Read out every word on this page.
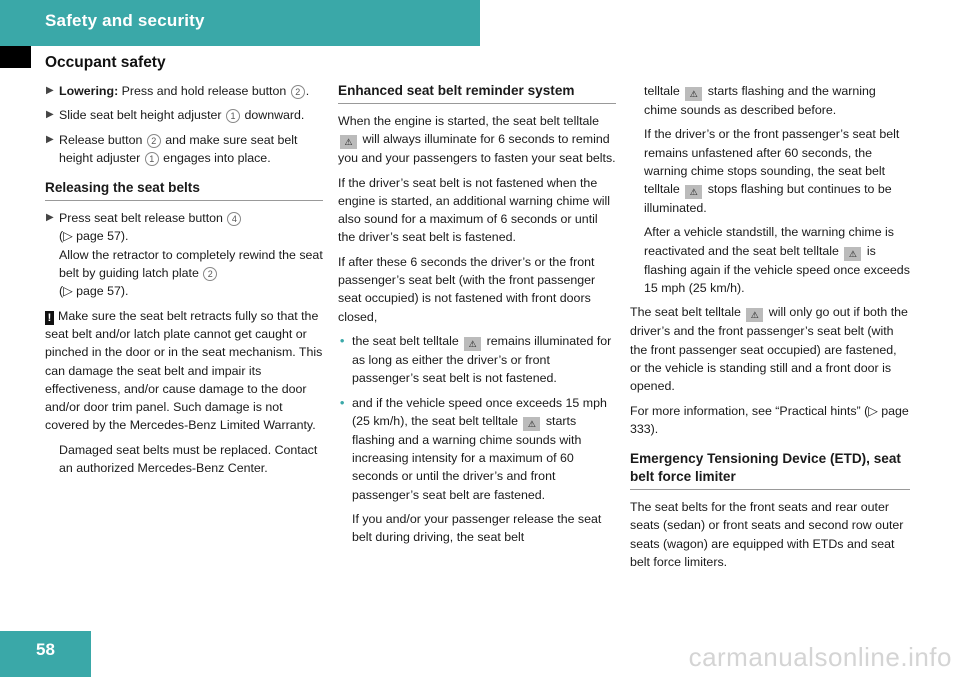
Safety and security
Occupant safety
▶ Lowering: Press and hold release button 2 .
▶ Slide seat belt height adjuster 1 downward.
▶ Release button 2 and make sure seat belt height adjuster 1 engages into place.
Releasing the seat belts
▶ Press seat belt release button 4
(▷ page 57).
Allow the retractor to completely rewind the seat belt by guiding latch plate 2
(▷ page 57).

! Make sure the seat belt retracts fully so that the seat belt and/or latch plate cannot get caught or pinched in the door or in the seat mechanism. This can damage the seat belt and impair its effectiveness, and/or cause damage to the door and/or door trim panel. Such damage is not covered by the Mercedes-Benz Limited Warranty.

Damaged seat belts must be replaced. Contact an authorized Mercedes-Benz Center.

Enhanced seat belt reminder system

When the engine is started, the seat belt telltale ⚠ will always illuminate for 6 seconds to remind you and your passengers to fasten your seat belts.

If the driver’s seat belt is not fastened when the engine is started, an additional warning chime will also sound for a maximum of 6 seconds or until the driver’s seat belt is fastened.

If after these 6 seconds the driver’s or the front passenger’s seat belt (with the front passenger seat occupied) is not fastened with front doors closed,

• the seat belt telltale ⚠ remains illuminated for as long as either the driver’s or front passenger’s seat belt is not fastened.
• and if the vehicle speed once exceeds 15 mph (25 km/h), the seat belt telltale ⚠ starts flashing and a warning chime sounds with increasing intensity for a maximum of 60 seconds or until the driver’s and front passenger’s seat belt are fastened.

If you and/or your passenger release the seat belt during driving, the seat belt

telltale ⚠ starts flashing and the warning chime sounds as described before.

If the driver’s or the front passenger’s seat belt remains unfastened after 60 seconds, the warning chime stops sounding, the seat belt telltale ⚠ stops flashing but continues to be illuminated.

After a vehicle standstill, the warning chime is reactivated and the seat belt telltale ⚠ is flashing again if the vehicle speed once exceeds 15 mph (25 km/h).

The seat belt telltale ⚠ will only go out if both the driver’s and the front passenger’s seat belt (with the front passenger seat occupied) are fastened, or the vehicle is standing still and a front door is opened.

For more information, see “Practical hints” (▷ page 333).

Emergency Tensioning Device (ETD), seat belt force limiter

The seat belts for the front seats and rear outer seats (sedan) or front seats and second row outer seats (wagon) are equipped with ETDs and seat belt force limiters.

58	carmanualsonline.info
